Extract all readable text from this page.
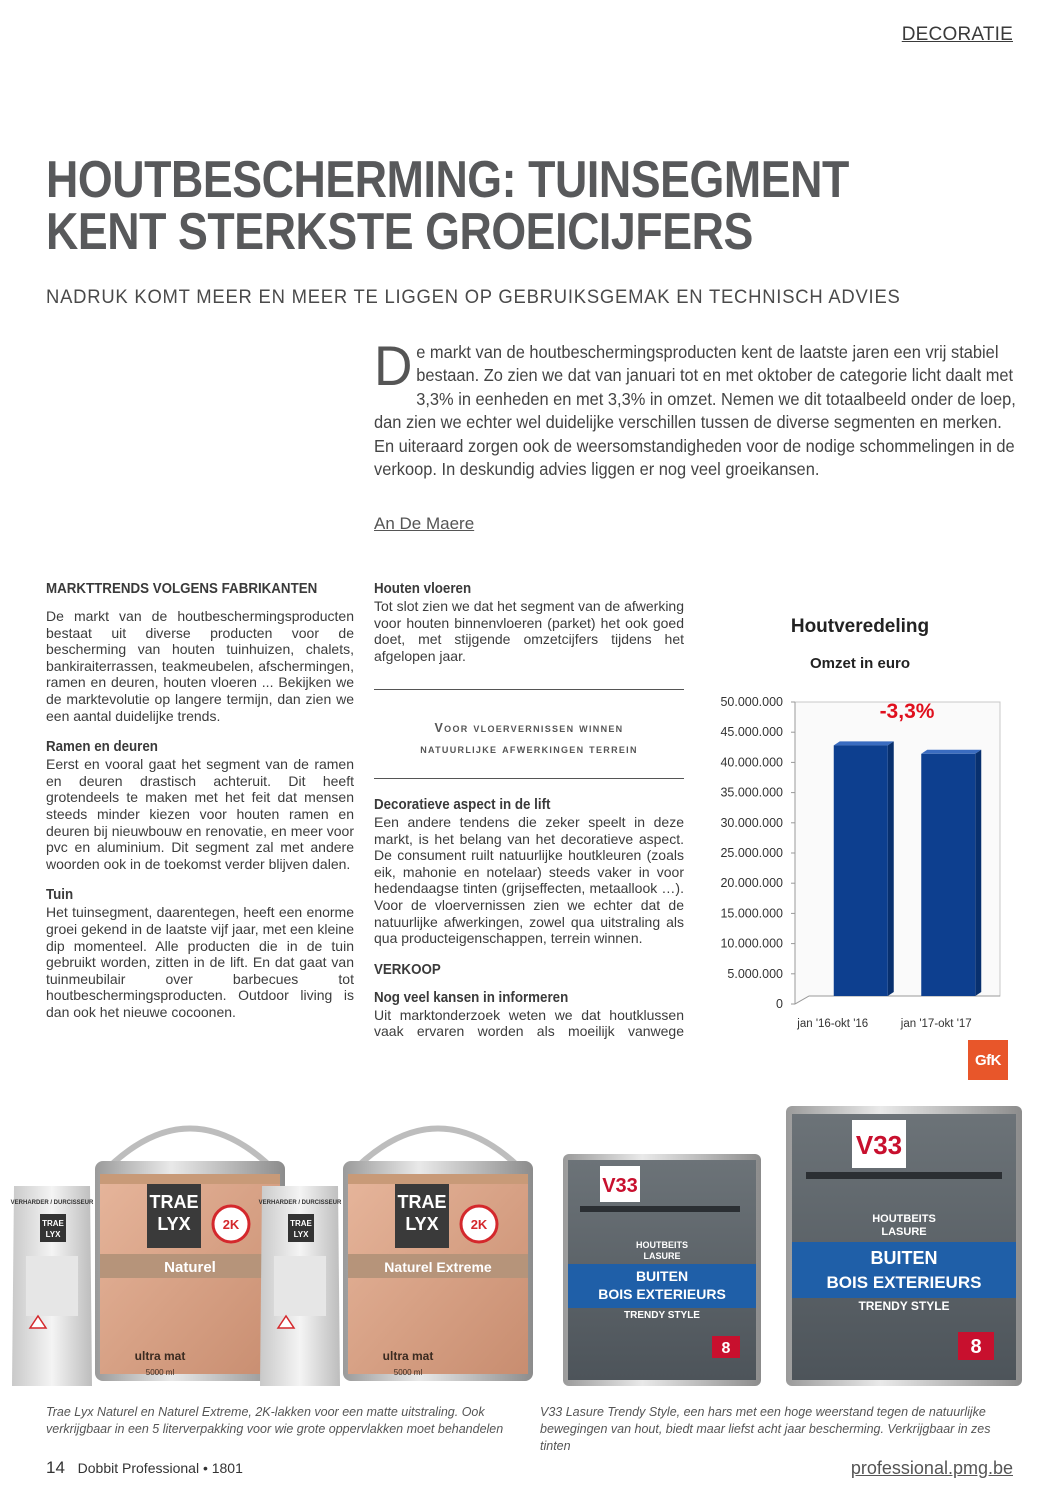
DECORATIE
HOUTBESCHERMING: TUINSEGMENT
KENT STERKSTE GROEICIJFERS
NADRUK KOMT MEER EN MEER TE LIGGEN OP GEBRUIKSGEMAK EN TECHNISCH ADVIES
D e markt van de houtbeschermingsproducten kent de laatste jaren een vrij stabiel bestaan. Zo zien we dat van januari tot en met oktober de categorie licht daalt met 3,3% in eenheden en met 3,3% in omzet. Nemen we dit totaalbeeld onder de loep, dan zien we echter wel duidelijke verschillen tussen de diverse segmenten en merken. En uiteraard zorgen ook de weersomstandigheden voor de nodige schommelingen in de verkoop. In deskundig advies liggen er nog veel groeikansen.
An De Maere
MARKTTRENDS VOLGENS FABRIKANTEN

De markt van de houtbeschermingsproducten bestaat uit diverse producten voor de bescherming van houten tuinhuizen, chalets, bankiraiterrassen, teakmeubelen, afschermingen, ramen en deuren, houten vloeren ... Bekijken we de marktevolutie op langere termijn, dan zien we een aantal duidelijke trends.

Ramen en deuren

Eerst en vooral gaat het segment van de ramen en deuren drastisch achteruit. Dit heeft grotendeels te maken met het feit dat mensen steeds minder kiezen voor houten ramen en deuren bij nieuwbouw en renovatie, en meer voor pvc en aluminium. Dit segment zal met andere woorden ook in de toekomst verder blijven dalen.

Tuin

Het tuinsegment, daarentegen, heeft een enorme groei gekend in de laatste vijf jaar, met een kleine dip momenteel. Alle producten die in de tuin gebruikt worden, zitten in de lift. En dat gaat van tuinmeubilair over barbecues tot houtbeschermingsproducten. Outdoor living is dan ook het nieuwe cocoonen.

Houten vloeren

Tot slot zien we dat het segment van de afwerking voor houten binnenvloeren (parket) het ook goed doet, met stijgende omzetcijfers tijdens het afgelopen jaar.

Voor vloervernissen winnen
natuurlijke afwerkingen terrein
Decoratieve aspect in de lift

Een andere tendens die zeker speelt in deze markt, is het belang van het decoratieve aspect. De consument ruilt natuurlijke houtkleuren (zoals eik, mahonie en notelaar) steeds vaker in voor hedendaagse tinten (grijseffecten, metaallook …). Voor de vloervernissen zien we echter dat de natuurlijke afwerkingen, zowel qua uitstraling als qua producteigenschappen, terrein winnen.

VERKOOP
Nog veel kansen in informeren

Uit marktonderzoek weten we dat houtklussen vaak ervaren worden als moeilijk vanwege

Houtveredeling
Omzet in euro
0
5.000.000
10.000.000
15.000.000
20.000.000
25.000.000
30.000.000
35.000.000
40.000.000
45.000.000
50.000.000
jan '16-okt '16	jan '17-okt '17
-3,3%
GfK
TRAE
LYX 2K
Naturel
ultra mat
5000 ml
VERHARDER / DURCISSEUR
TRAE
LYX
TRAE
LYX 2K
Naturel Extreme
ultra mat
5000 ml
VERHARDER / DURCISSEUR
TRAE
LYX
V33
HOUTBEITS
LASURE
BUITEN
BOIS EXTERIEURS
TRENDY STYLE
8
V33
HOUTBEITS
LASURE
BUITEN
BOIS EXTERIEURS
TRENDY STYLE
8
Trae Lyx Naturel en Naturel Extreme, 2K-lakken voor een matte uitstraling. Ook verkrijgbaar in een 5 literverpakking voor wie grote oppervlakken moet behandelen
V33 Lasure Trendy Style, een hars met een hoge weerstand tegen de natuurlijke bewegingen van hout, biedt maar liefst acht jaar bescherming. Verkrijgbaar in zes tinten
14 Dobbit Professional • 1801	professional.pmg.be
